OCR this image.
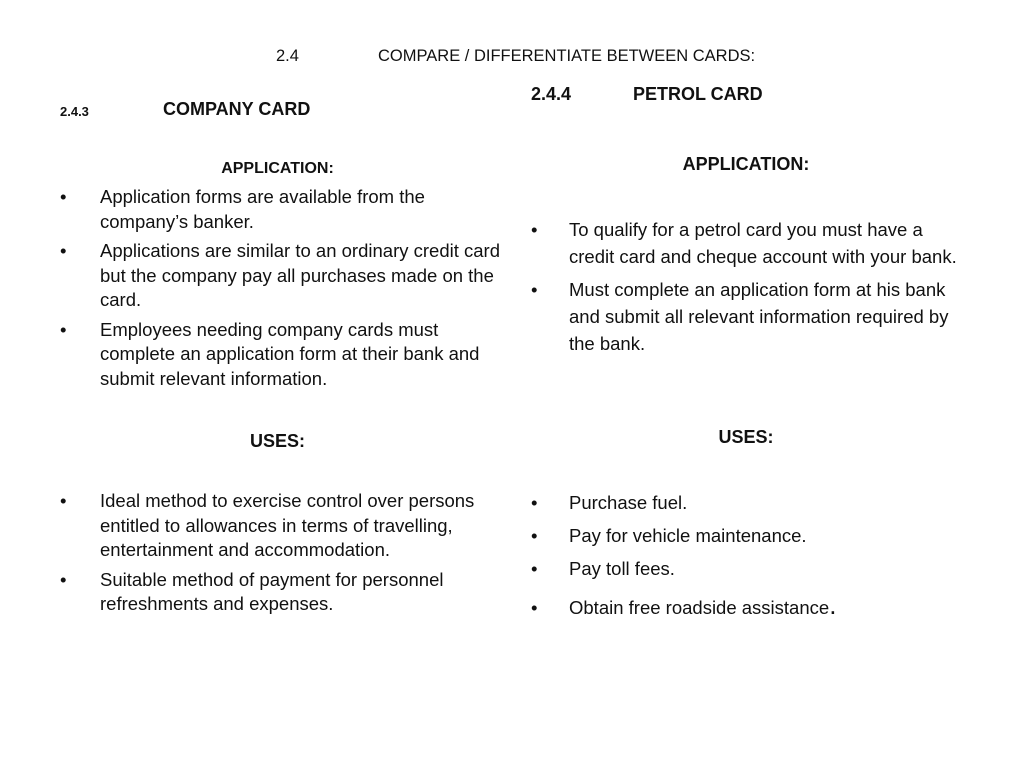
2.4	COMPARE / DIFFERENTIATE BETWEEN CARDS:
2.4.3	COMPANY CARD
APPLICATION:
• Application forms are available from the company’s banker.
• Applications are similar to an ordinary credit card but the company pay all purchases made on the card.
• Employees needing company cards must complete an application form at their bank and submit relevant information.
USES:
• Ideal method to exercise control over persons entitled to allowances in terms of travelling, entertainment and accommodation.
• Suitable method of payment for personnel refreshments and expenses.
2.4.4	PETROL CARD
APPLICATION:
• To qualify for a petrol card you must have a credit card and cheque account with your bank.
• Must complete an application form at his bank and submit all relevant information required by the bank.
USES:
• Purchase fuel.
• Pay for vehicle maintenance.
• Pay toll fees.
• Obtain free roadside assistance.
